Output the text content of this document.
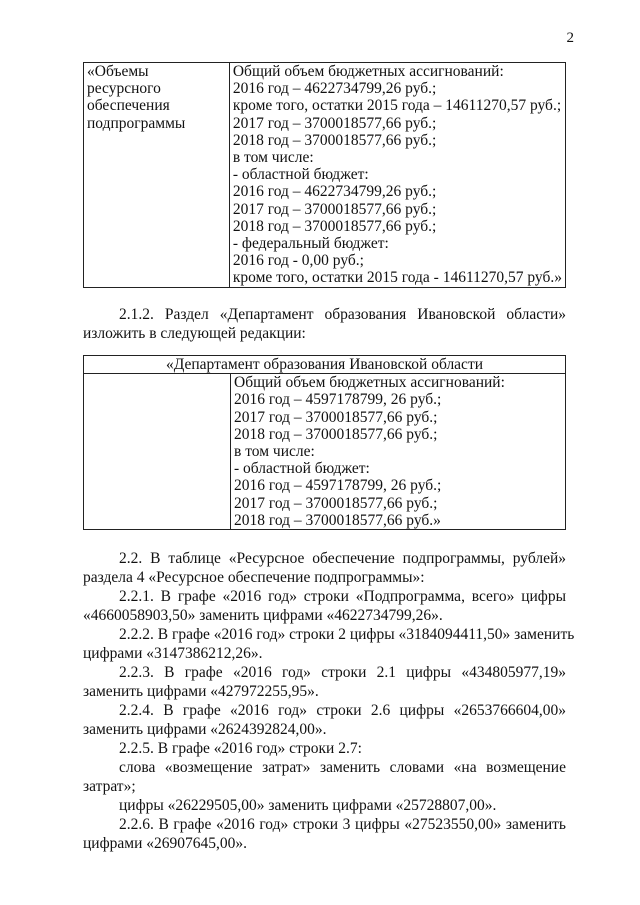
2
«Объемы
ресурсного
обеспечения
подпрограммы

Общий объем бюджетных ассигнований:
2016 год – 4622734799,26 руб.;
кроме того, остатки 2015 года – 14611270,57 руб.;
2017 год – 3700018577,66 руб.;
2018 год – 3700018577,66 руб.;
в том числе:
- областной бюджет:
2016 год – 4622734799,26 руб.;
2017 год – 3700018577,66 руб.;
2018 год – 3700018577,66 руб.;
- федеральный бюджет:
2016 год - 0,00 руб.;
кроме того, остатки 2015 года - 14611270,57 руб.»
2.1.2. Раздел «Департамент образования Ивановской области»
изложить в следующей редакции:
«Департамент образования Ивановской области

Общий объем бюджетных ассигнований:
2016 год – 4597178799, 26 руб.;
2017 год – 3700018577,66 руб.;
2018 год – 3700018577,66 руб.;
в том числе:
- областной бюджет:
2016 год – 4597178799, 26 руб.;
2017 год – 3700018577,66 руб.;
2018 год – 3700018577,66 руб.»
2.2. В таблице «Ресурсное обеспечение подпрограммы, рублей»
раздела 4 «Ресурсное обеспечение подпрограммы»:
2.2.1. В графе «2016 год» строки «Подпрограмма, всего» цифры
«4660058903,50» заменить цифрами «4622734799,26».
2.2.2. В графе «2016 год» строки 2 цифры «3184094411,50» заменить
цифрами «3147386212,26».
2.2.3. В графе «2016 год» строки 2.1 цифры «434805977,19»
заменить цифрами «427972255,95».
2.2.4. В графе «2016 год» строки 2.6 цифры «2653766604,00»
заменить цифрами «2624392824,00».
2.2.5. В графе «2016 год» строки 2.7:
слова «возмещение затрат» заменить словами «на возмещение
затрат»;
цифры «26229505,00» заменить цифрами «25728807,00».
2.2.6. В графе «2016 год» строки 3 цифры «27523550,00» заменить
цифрами «26907645,00».
